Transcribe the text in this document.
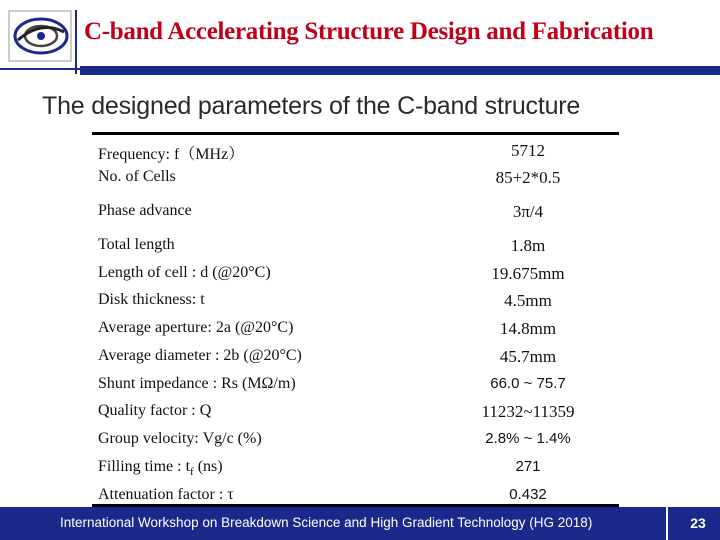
C-band Accelerating Structure Design and Fabrication
The designed parameters of the C-band structure
Frequency: f（MHz）	5712
No. of Cells	85+2*0.5
Phase advance	3π/4
Total length	1.8m
Length of cell : d (@20°C)	19.675mm
Disk thickness: t	4.5mm
Average aperture: 2a (@20°C)	14.8mm
Average diameter : 2b (@20°C)	45.7mm
Shunt impedance : Rs (MΩ/m)	66.0 ~ 75.7
Quality factor : Q	11232~11359
Group velocity: Vg/c (%)	2.8% ~ 1.4%
Filling time : $t_f$ (ns)	271
Attenuation factor : τ	0.432
International Workshop on Breakdown Science and High Gradient Technology (HG 2018)	23
